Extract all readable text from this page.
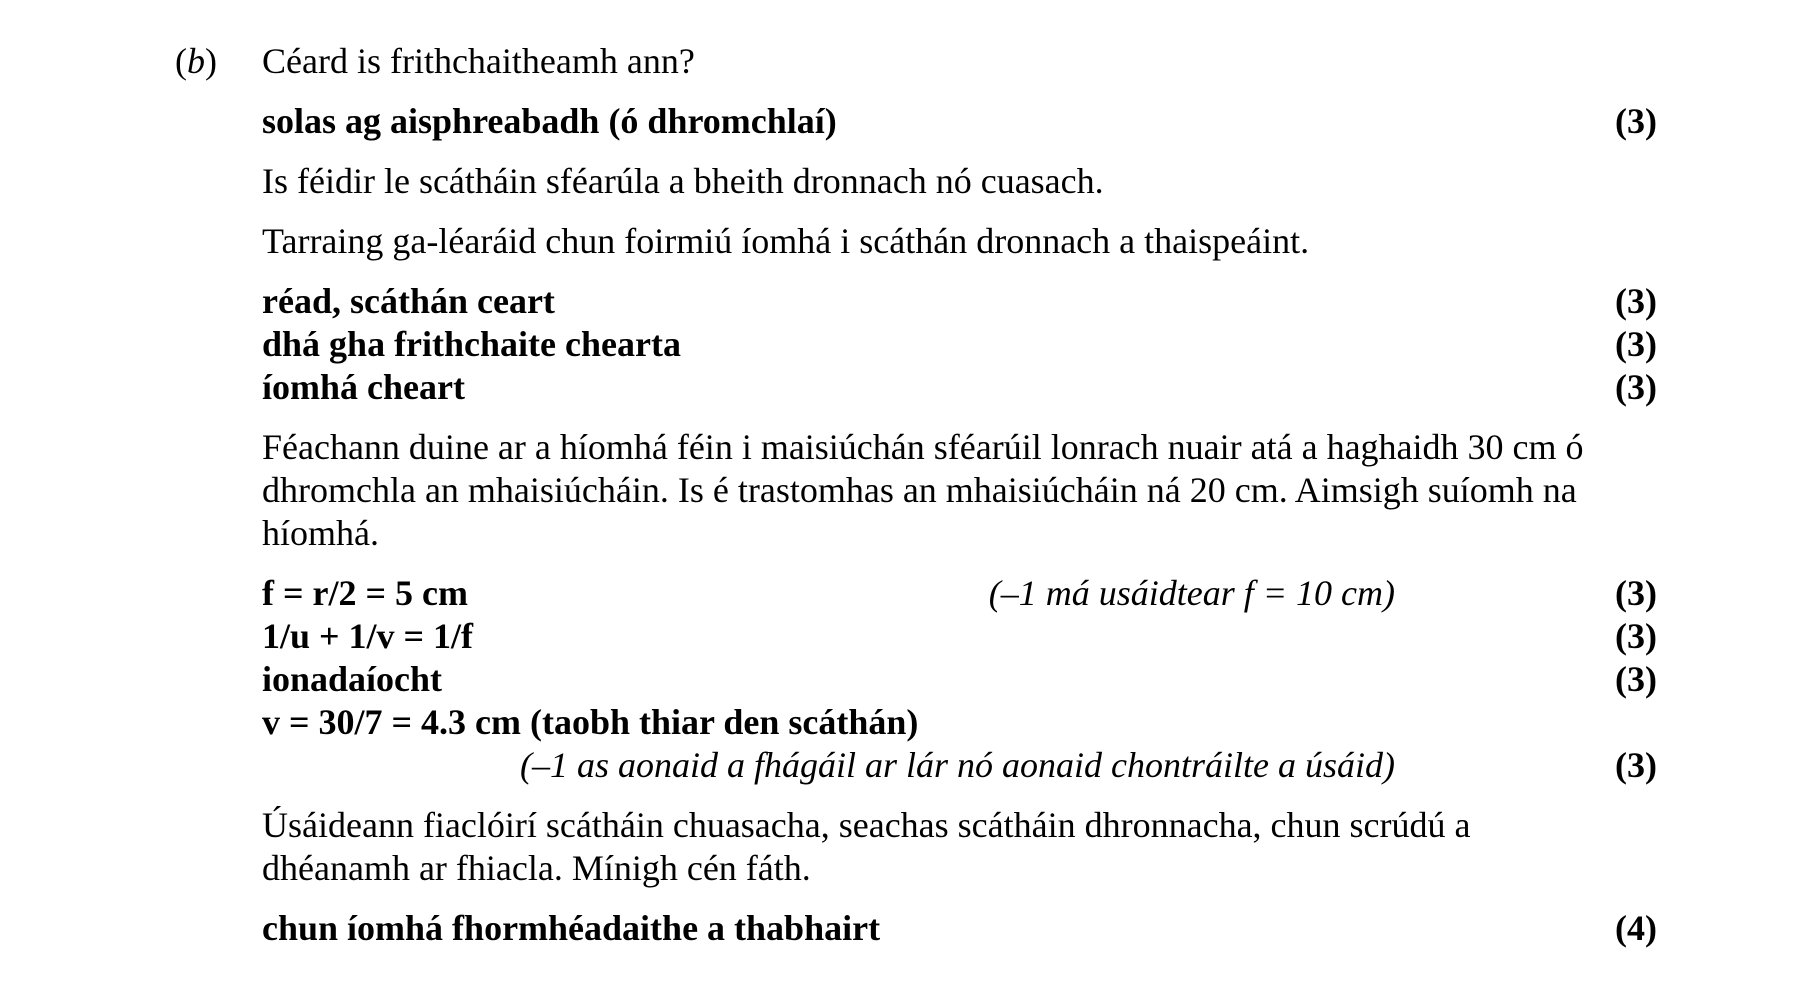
(b) Céard is frithchaitheamh ann?
solas ag aisphreabadh (ó dhromchlaí)	(3)
Is féidir le scátháin sféarúla a bheith dronnach nó cuasach.
Tarraing ga-léaráid chun foirmiú íomhá i scáthán dronnach a thaispeáint.
réad, scáthán ceart	(3)
dhá gha frithchaite chearta	(3)
íomhá cheart	(3)
Féachann duine ar a híomhá féin i maisiúchán sféarúil lonrach nuair atá a haghaidh 30 cm ó
dhromchla an mhaisiúcháin. Is é trastomhas an mhaisiúcháin ná 20 cm. Aimsigh suíomh na
híomhá.
f = r/2 = 5 cm	(–1 má usáidtear f = 10 cm)	(3)
1/u + 1/v = 1/f	(3)
ionadaíocht	(3)
v = 30/7 = 4.3 cm (taobh thiar den scáthán)
(–1 as aonaid a fhágáil ar lár nó aonaid chontráilte a úsáid)	(3)
Úsáideann fiaclóirí scátháin chuasacha, seachas scátháin dhronnacha, chun scrúdú a
dhéanamh ar fhiacla. Mínigh cén fáth.
chun íomhá fhormhéadaithe a thabhairt	(4)
